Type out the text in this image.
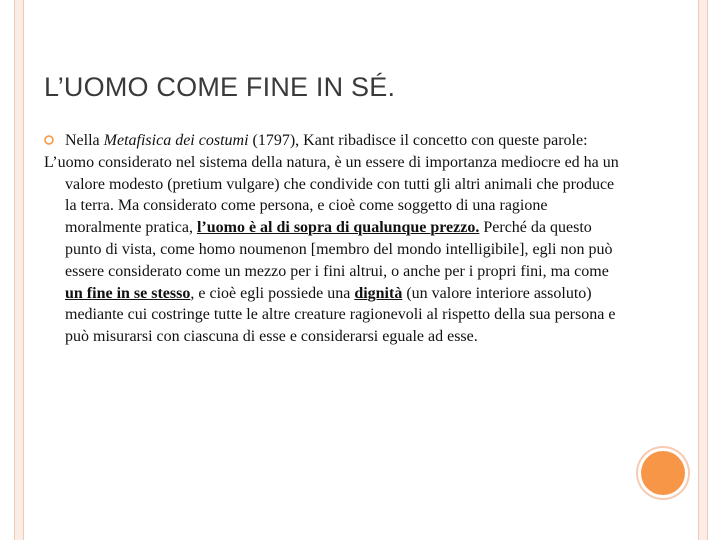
L’UOMO COME FINE IN SÉ.
Nella Metafisica dei costumi (1797), Kant ribadisce il concetto con queste parole:
L’uomo considerato nel sistema della natura, è un essere di importanza mediocre ed ha un valore modesto (pretium vulgare) che condivide con tutti gli altri animali che produce la terra. Ma considerato come persona, e cioè come soggetto di una ragione moralmente pratica, l’uomo è al di sopra di qualunque prezzo. Perché da questo punto di vista, come homo noumenon [membro del mondo intelligibile], egli non può essere considerato come un mezzo per i fini altrui, o anche per i propri fini, ma come un fine in se stesso, e cioè egli possiede una dignità (un valore interiore assoluto) mediante cui costringe tutte le altre creature ragionevoli al rispetto della sua persona e può misurarsi con ciascuna di esse e considerarsi eguale ad esse.
